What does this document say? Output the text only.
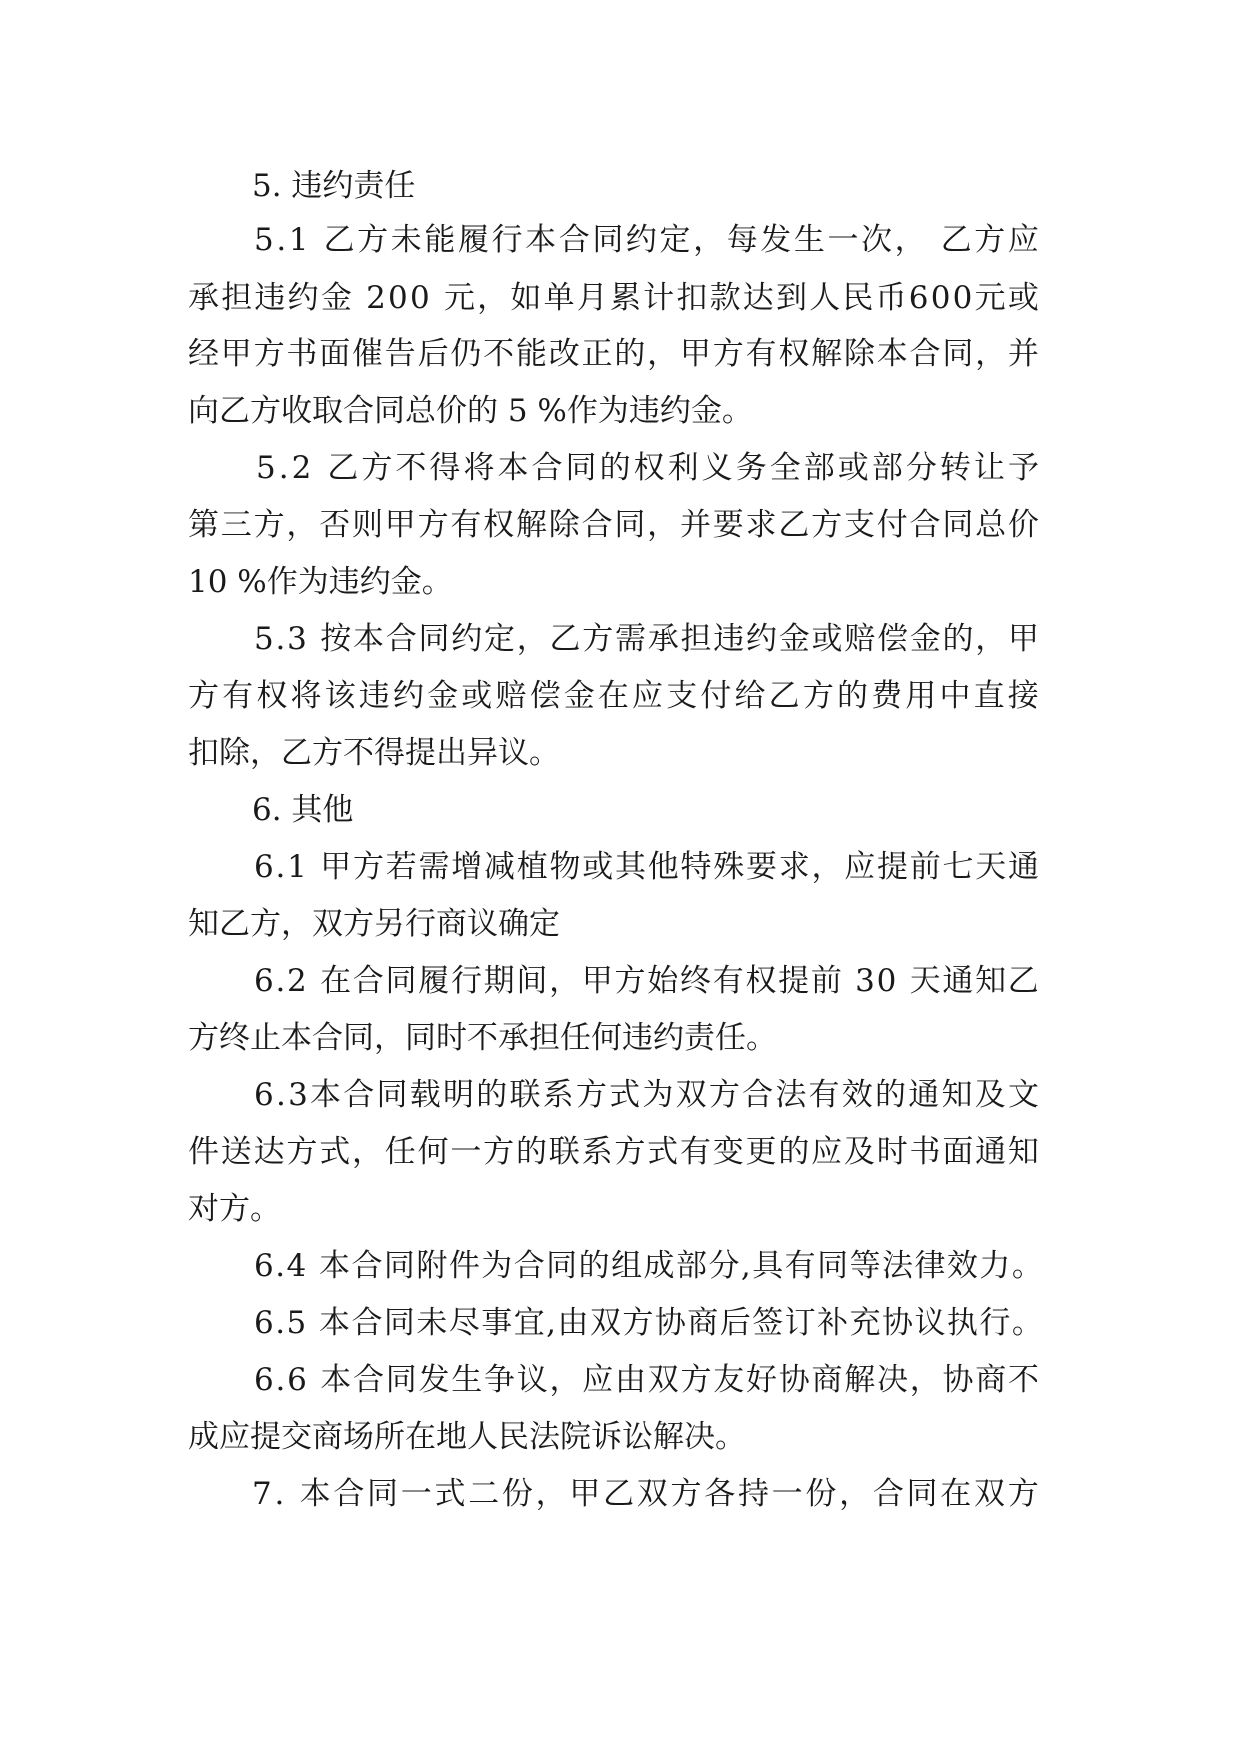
5. 违约责任

5 . 1
乙 方 未 能 履 行 本 合 同 约 定 ， 每 发 生 一 次 ，
乙 方 应

承 担 违 约 金
2 0 0
元 ， 如 单 月 累 计 扣 款 达 到 人 民 币 6 0 0 元 或

经 甲 方 书 面 催 告 后 仍 不 能 改 正 的 ， 甲 方 有 权 解 除 本 合 同 ， 并

向乙方收取合同总价的 5 %作为违约金。

5 . 2
乙 方 不 得 将 本 合 同 的 权 利 义 务 全 部 或 部 分 转 让 予

第 三 方 ， 否 则 甲 方 有 权 解 除 合 同 ， 并 要 求 乙 方 支 付 合 同 总 价

10 %作为违约金。

5 . 3
按 本 合 同 约 定 ， 乙 方 需 承 担 违 约 金 或 赔 偿 金 的 ， 甲

方 有 权 将 该 违 约 金 或 赔 偿 金 在 应 支 付 给 乙 方 的 费 用 中 直 接

扣除，乙方不得提出异议。

6. 其他

6 . 1
甲 方 若 需 增 减 植 物 或 其 他 特 殊 要 求 ， 应 提 前 七 天 通

知乙方，双方另行商议确定

6 . 2
在 合 同 履 行 期 间 ， 甲 方 始 终 有 权 提 前
3 0
天 通 知 乙

方终止本合同，同时不承担任何违约责任。

6 . 3 本 合 同 载 明 的 联 系 方 式 为 双 方 合 法 有 效 的 通 知 及 文

件 送 达 方 式 ， 任 何 一 方 的 联 系 方 式 有 变 更 的 应 及 时 书 面 通 知

对方。

6 . 4
本 合 同 附 件 为 合 同 的 组 成 部 分 , 具 有 同 等 法 律 效 力 。

6 . 5
本 合 同 未 尽 事 宜 , 由 双 方 协 商 后 签 订 补 充 协 议 执 行 。

6 . 6
本 合 同 发 生 争 议 ， 应 由 双 方 友 好 协 商 解 决 ， 协 商 不

成应提交商场所在地人民法院诉讼解决。

7 .
本 合 同 一 式 二 份 ， 甲 乙 双 方 各 持 一 份 ， 合 同 在 双 方
